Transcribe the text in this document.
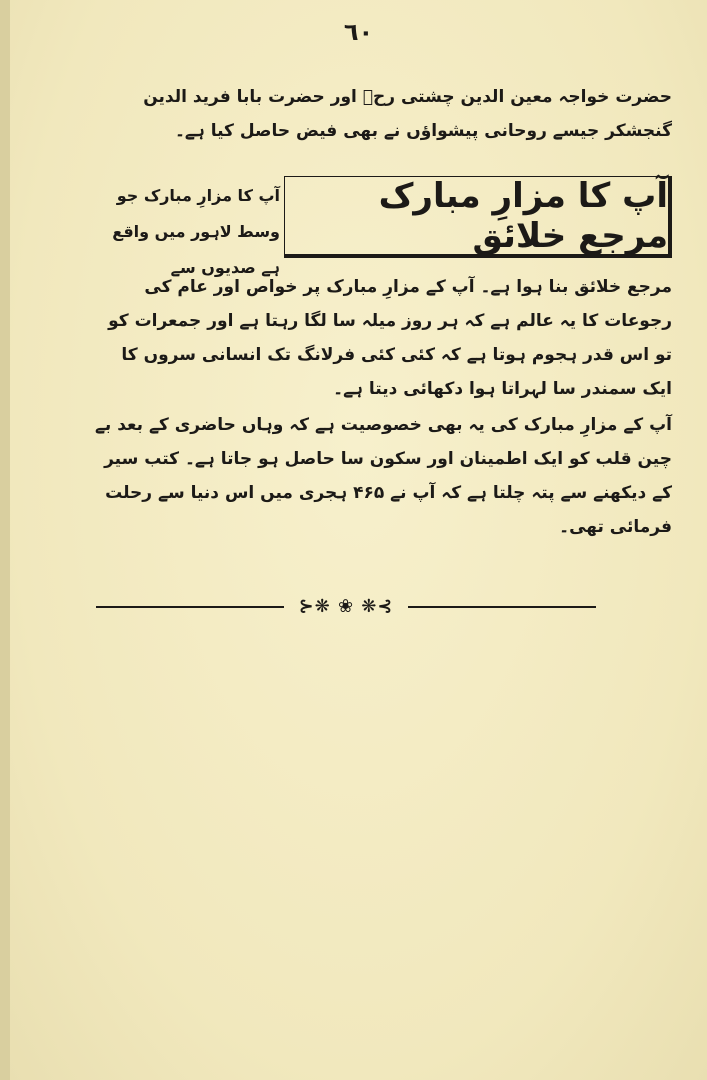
٦٠
حضرت خواجہ معین الدین چشتی رحؒ اور حضرت بابا فرید الدین گنجشکر جیسے روحانی پیشواؤں نے بھی فیض حاصل کیا ہے۔
آپ کا مزارِ مبارک مرجع خلائق
آپ کا مزارِ مبارک جو وسط لاہور میں واقع ہے صدیوں سے
مرجع خلائق بنا ہوا ہے۔ آپ کے مزارِ مبارک پر خواص اور عام کی رجوعات کا یہ عالم ہے کہ ہر روز میلہ سا لگا رہتا ہے اور جمعرات کو تو اس قدر ہجوم ہوتا ہے کہ کئی کئی فرلانگ تک انسانی سروں کا ایک سمندر سا لہراتا ہوا دکھائی دیتا ہے۔
آپ کے مزارِ مبارک کی یہ بھی خصوصیت ہے کہ وہاں حاضری کے بعد بے چین قلب کو ایک اطمینان اور سکون سا حاصل ہو جاتا ہے۔ کتب سیر کے دیکھنے سے پتہ چلتا ہے کہ آپ نے ۴۶۵ ہجری میں اس دنیا سے رحلت فرمائی تھی۔
⊱❋ ❀ ❋⊰
